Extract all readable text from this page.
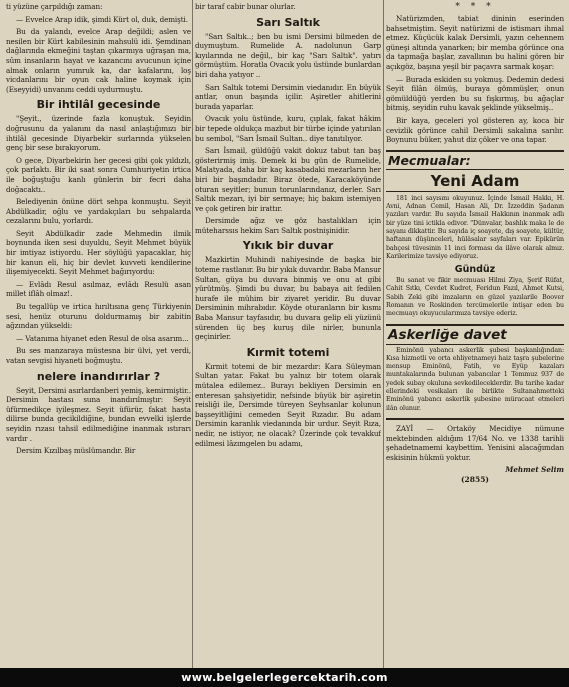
ti yüzüne çarpıldığı zaman:

— Evvelce Arap idik, şimdi Kürt ol, duk, demişti.

Bu da yalandı, evelce Arap değildi; aslen ve nesilen bir Kürt kabilesinin mahsulü idi. Şemdinan dağlarında ekmeğini taştan çıkarmıya uğraşan ma, sûm insanların hayat ve kazancını avucunun içine almak onların yumruk ka, dar kafalarını, loş vicdanlarını bir oyun cak haline koymak için (Eseyyidi) unvanını ceddi uydurmuştu.

Bir ihtilâl gecesinde

"Şeyit., üzerinde fazla konuştuk. Seyidin doğrusunu da yalanını da nasıl anlaştığımızı bir ihtilâl gecesinde Diyarbekir surlarında yükselen genç bir sese bırakıyorum.

O gece, Diyarbekirin her gecesi gibi çok yıldızlı, çok parlaktı. Bir iki saat sonra Cumhuriyetin irtica ile boğuştuğu kanlı günlerin bir fecri daha doğacaktı..

Belediyenin önüne dört sehpa konmuştu. Seyit Abdülkadir, oğlu ve yardakçıları bu sehpalarda cezalarını bulu, yorlardı.

Seyit Abdülkadir zade Mehmedin ilmik boynunda iken sesi duyuldu, Seyit Mehmet büyük bir imtiyaz istiyordu. Her söylüğü yapacaklar, hiç bir kanun eli, hiç bir devlet kuvveti kendilerine ilişemiyecekti. Seyit Mehmet bağırıyordu:

— Evlâdı Resul asılmaz, evlâdı Resulü asan millet iflâh olmaz!.

Bu tegallüp ve irtica hırıltısına genç Türkiyenin sesi, henüz oturunu doldurmamış bir zabitin ağzından yükseldi:

— Vatanıma hiyanet eden Resul de olsa asarım...

Bu ses manzaraya müstesna bir ülvi, yet verdi, vatan sevgisi hiyaneti boğmuştu.

nelere inandırırlar ?

Seyit, Dersimi asırlardanberi yemiş, kemirmiştir.. Dersimin hastası suna inandırılmıştır: Seyit üfürmedikçe iyileşmez. Seyit üfürür, fakat hasta dilirse bunda gecikildiğine, bundan evvelki işlerde seyidin rızası tahsil edilmediğine inanmak ıstırarı vardır .

Dersim Kızılbaş müslümandır. Bir

bir taraf cabir bunar olurlar.

Sarı Saltık

"Sarı Saltık..; ben bu ismi Dersimi bilmeden de duymuştum. Rumelide A. nadolunun Garp kıyılarında ne değil,, bir kaç "Sarı Saltık". yatırı görmüştüm. Horatla Ovacık yolu üstünde bunlardan biri daha yatıyor ..

Sarı Saltık totemi Dersimin viedanıdır. En büyük antlar, onun başında içilir. Aşiretler ahitlerini burada yaparlar.

Ovacık yolu üstünde, kuru, çıplak, fakat hâkim bir tepede oldukça mazbut bir türbe içinde yatırılan bu sembol, "Sarı İsmail Sultan.. diye tanıtılıyor.

Sarı İsmail, güldüğü vakit dokuz tabut tan baş gösterirmiş imiş. Demek ki bu gün de Rumelide, Malatyada, daha bir kaç kasabadaki mezarların her biri bir başındadır. Biraz ötede, Karacaköyünde oturan seyitler; bunun torunlarındanız, derler. Sarı Saltık mezarı, iyi bir sermaye; hiç bakım istemiyen ve çok getiren bir irattır.

Dersimde ağız ve göz hastalıkları için müteharssıs hekim Sarı Saltık postnişinidir.

Yıkık bir duvar

Mazkirtin Muhindi nahiyesinde de başka bir toteme rastlanır. Bu bir yıkık duvardır. Baba Mansur Sultan, güya bu duvara binmiş ve onu at gibi yürütmüş. Şimdi bu duvar, bu babaya ait fedilen hurafe ile mühim bir ziyaret yeridir. Bu duvar Dersiminin mihrabıdır. Köyde oturanların bir kısmı Baba Mansur tayfasıdır, bu duvara gelip eli yüzünü sürenden üç beş kuruş dile nirler, bununla geçinirler.

Kırmit totemi

Kırmit totemi de bir mezardır: Kara Süleyman Sultan yatar. Fakat bu yalnız bir totem olarak mütalea edilemez.. Burayı bekliyen Dersimin en enteresan şahsiyetidir, nefsinde büyük bir aşiretin reisliği ile, Dersimde türeyen Seyhsanlar kolunun başseyitliğini cemeden Seyit Rızadır. Bu adam Dersimin karanlık viedanında bir urdur. Seyit Rıza, nedir, ne istiyor, ne olacak? Üzerinde çok tevakkuf edilmesi lâzımgelen bu adamı,

* * *

Natürizmden, tabiat dininin eserinden bahsetmiştim. Seyit natürizmi de istismarı ihmal etmez. Küçücük kalak Dersimli, yazın cehennem güneşi altında yanarken; bir memba görünce ona da tapmağa başlar, zavallının bu halini gören bir açıkgöz, başına yeşil bir paçavra sarmak koşar:

— Burada eskiden su yokmuş. Dedemin dedesi Seyit filân ölmüş, buraya gömmüşler, onun gömüldüğü yerden bu su fışkırmış, bu ağaçlar bitmiş, seyidin ruhu kavak şeklinde yükselmiş..

Bir kaya, geceleri yol gösteren ay, koca bir cevizlik görünce cahil Dersimli sakalına sarılır. Boynunu büker, yahut diz çöker ve ona tapar.

Mecmualar:
Yeni Adam

181 inci sayısını okuyunuz. İçinde İsmail Hakkı, H. Avni, Adnan Cemil, Hasan Ali, Dr. İzzeddin Şadanın yazıları vardır. Bu sayıda İsmail Hakkının inanmak adlı bir yüze tini ictikla edivor. "Dünvalar, bashlık maka le de sayanı dikkattir. Bu sayıda iç soayete, dış soayete, kültür, haftanın düşünceleri, hülâsalar sayfaları var. Epikürün bahçesi tüvesinin 11 inci forması da ilâve olarak almız. Karilerimize tavsiye ediyoruz.

Gündüz

Bu sanat ve fikir mecmuası Hilmi Ziya, Şerif Rüfat, Cahit Sıtkı, Cevdet Kudret, Feridun Fazıl, Ahmet Kutsi, Sabih Zeki gibi imzaların en güzel yazılarile Boover Romanın ve Roskinden tercümelerile intişar eden bu mecmuayı okuyucularımıza tavsiye ederiz.

Askerliğe davet

Eminönü yabancı askerlik şubesi başkanlığından: Kısa hizmetli ve orta ehliyetnameyi haiz taşra şubelerine mensup Eminönü, Fatih, ve Eyüp kazaları muntakalarında bulunan yabancılar 1 Temmuz 937 de yedek subay okuluna sevkedileceklerdir. Bu tarihe kadar ellerindeki vesikaları ile birlikte Sultanahmetteki Eminönü yabancı askerlik şubesine müracaat etmeleri ilân olunur.

ZAYİ — Ortaköy Mecidiye nümune mektebinden aldığım 17/64 No. ve 1338 tarihli şehadetnamemi kaybettim. Yenisini alacağımdan eskisinin hükmü yoktur.

Mehmet Selim

(2855)

www.belgelerlegercektarih.com
